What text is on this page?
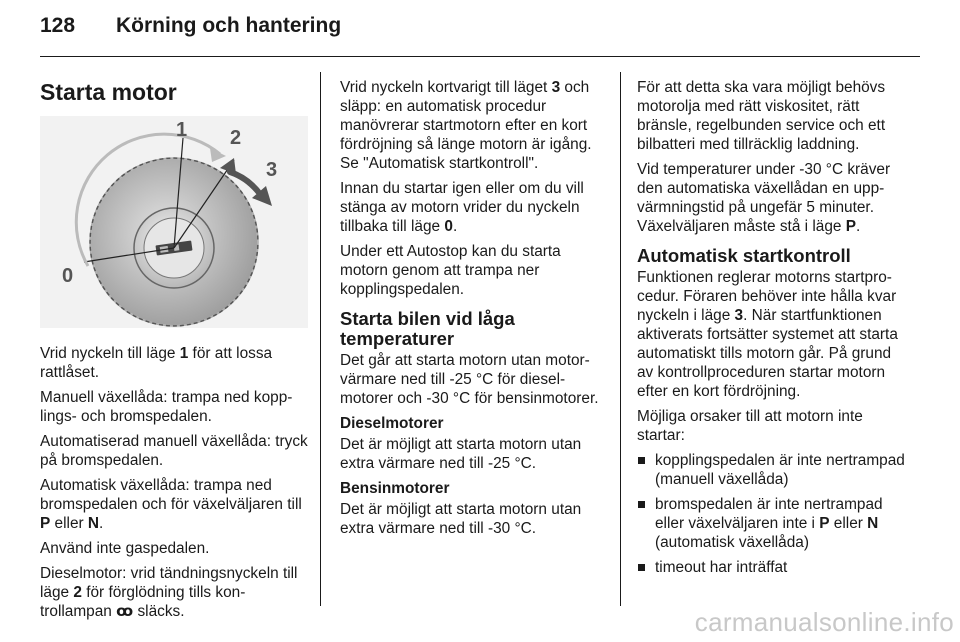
128 Körning och hantering
Starta motor
0
1 2
3

Vrid nyckeln till läge 1 för att lossa rattlåset.

Manuell växellåda: trampa ned kopplings- och bromspedalen.

Automatiserad manuell växellåda: tryck på bromspedalen.

Automatisk växellåda: trampa ned bromspedalen och för växelväljaren till P eller N.

Använd inte gaspedalen.

Dieselmotor: vrid tändningsnyckeln till läge 2 för förglödning tills kontrollampan ꝏ släcks.

Vrid nyckeln kortvarigt till läget 3 och släpp: en automatisk procedur manövrerar startmotorn efter en kort fördröjning så länge motorn är igång. Se "Automatisk startkontroll".

Innan du startar igen eller om du vill stänga av motorn vrider du nyckeln tillbaka till läge 0.

Under ett Autostop kan du starta motorn genom att trampa ner kopplingspedalen.

Starta bilen vid låga temperaturer

Det går att starta motorn utan motorvärmare ned till -25 °C för dieselmotorer och -30 °C för bensinmotorer.

Dieselmotorer

Det är möjligt att starta motorn utan extra värmare ned till -25 °C.

Bensinmotorer

Det är möjligt att starta motorn utan extra värmare ned till -30 °C.

För att detta ska vara möjligt behövs motorolja med rätt viskositet, rätt bränsle, regelbunden service och ett bilbatteri med tillräcklig laddning.

Vid temperaturer under -30 °C kräver den automatiska växellådan en uppvärmningstid på ungefär 5 minuter. Växelväljaren måste stå i läge P.

Automatisk startkontroll

Funktionen reglerar motorns startprocedur. Föraren behöver inte hålla kvar nyckeln i läge 3. När startfunktionen aktiverats fortsätter systemet att starta automatiskt tills motorn går. På grund av kontrollproceduren startar motorn efter en kort fördröjning.

Möjliga orsaker till att motorn inte startar:

kopplingspedalen är inte nertrampad (manuell växellåda)
bromspedalen är inte nertrampad eller växelväljaren inte i P eller N (automatisk växellåda)
timeout har inträffat
carmanualsonline.info
